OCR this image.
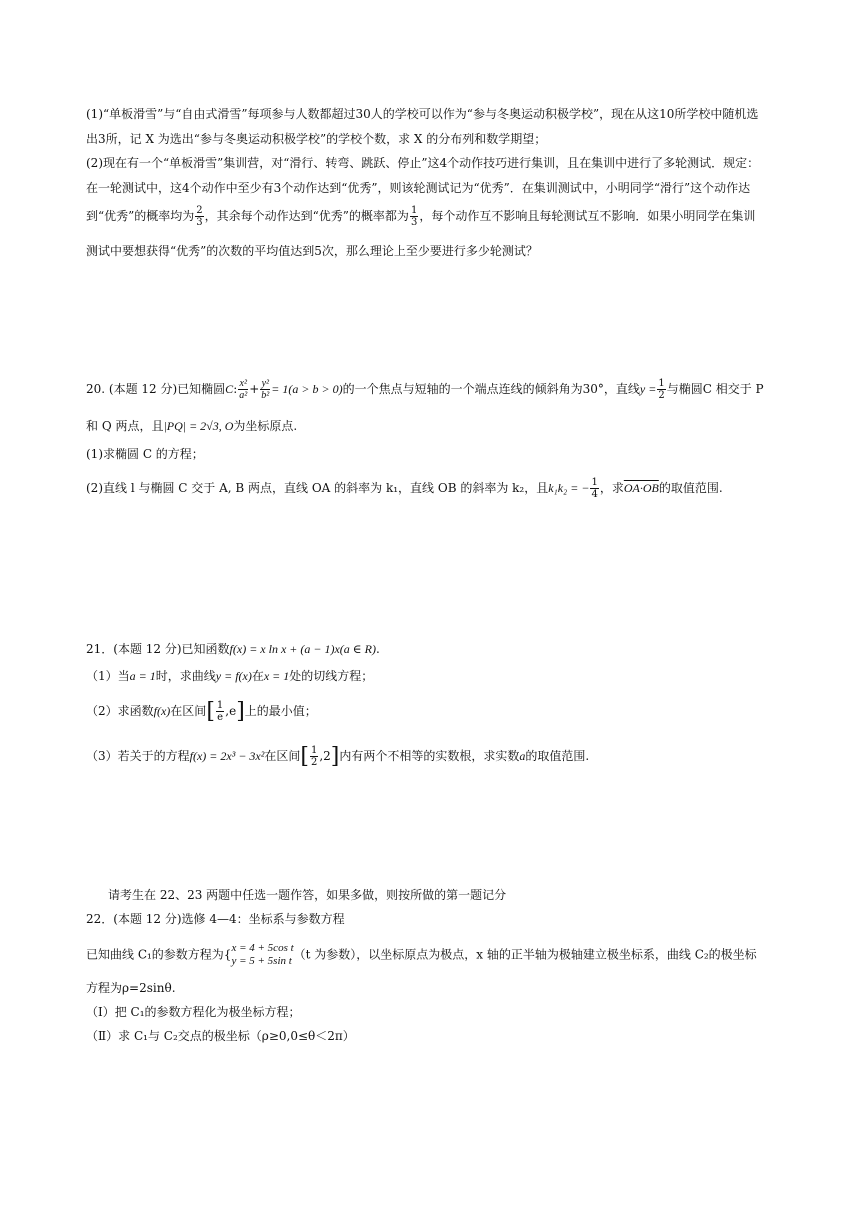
(1)“单板滑雪”与“自由式滑雪”每项参与人数都超过30人的学校可以作为“参与冬奥运动积极学校”，现在从这10所学校中随机选
出3所，记 X 为选出“参与冬奥运动积极学校”的学校个数，求 X 的分布列和数学期望；
(2)现在有一个“单板滑雪”集训营，对“滑行、转弯、跳跃、停止”这4个动作技巧进行集训，且在集训中进行了多轮测试．规定：
在一轮测试中，这4个动作中至少有3个动作达到“优秀”，则该轮测试记为“优秀”．在集训测试中，小明同学“滑行”这个动作达
到“优秀”的概率均为 $\frac{2}{3}$ ，其余每个动作达到“优秀”的概率都为 $\frac{1}{3}$ ，每个动作互不影响且每轮测试互不影响．如果小明同学在集训
测试中要想获得“优秀”的次数的平均值达到5次，那么理论上至少要进行多少轮测试？
20. (本题 12 分)已知椭圆C: $\frac{\text{x²}}{\text{a²}} + \frac{\text{y²}}{\text{b²}} = 1(a > b > 0)$的一个焦点与短轴的一个端点连线的倾斜角为30°，直线$y = \frac{1}{2}$ 与椭圆C 相交于 P
和 Q 两点，且|PQ| = 2√3, O为坐标原点.
(1)求椭圆 C 的方程；
(2)直线 l 与椭圆 C 交于 A, B 两点，直线 OA 的斜率为 k₁，直线 OB 的斜率为 k₂，且k₁k₂ = − $\frac{1}{4}$ ，求OA·OB的取值范围.
21．(本题 12 分)已知函数f(x) = x ln x + (a − 1)x(a ∈ R).
（1）当a = 1时，求曲线y = f(x)在x = 1处的切线方程；
（2）求函数f(x)在区间[ $\frac{1}{e} ,e$]上的最小值；
（3）若关于的方程f(x) = 2x³ − 3x²在区间[ $\frac{1}{2} ,2$]内有两个不相等的实数根，求实数a的取值范围.
请考生在 22、23 两题中任选一题作答，如果多做，则按所做的第一题记分
22．(本题 12 分)选修 4—4：坐标系与参数方程
已知曲线 C₁的参数方程为{ x = 4 + 5cos t
y = 5 + 5sin t （t 为参数），以坐标原点为极点，x 轴的正半轴为极轴建立极坐标系，曲线 C₂的极坐标
方程为ρ=2sinθ.
（Ⅰ）把 C₁的参数方程化为极坐标方程；
（Ⅱ）求 C₁与 C₂交点的极坐标（ρ≥0,0≤θ＜2π）
